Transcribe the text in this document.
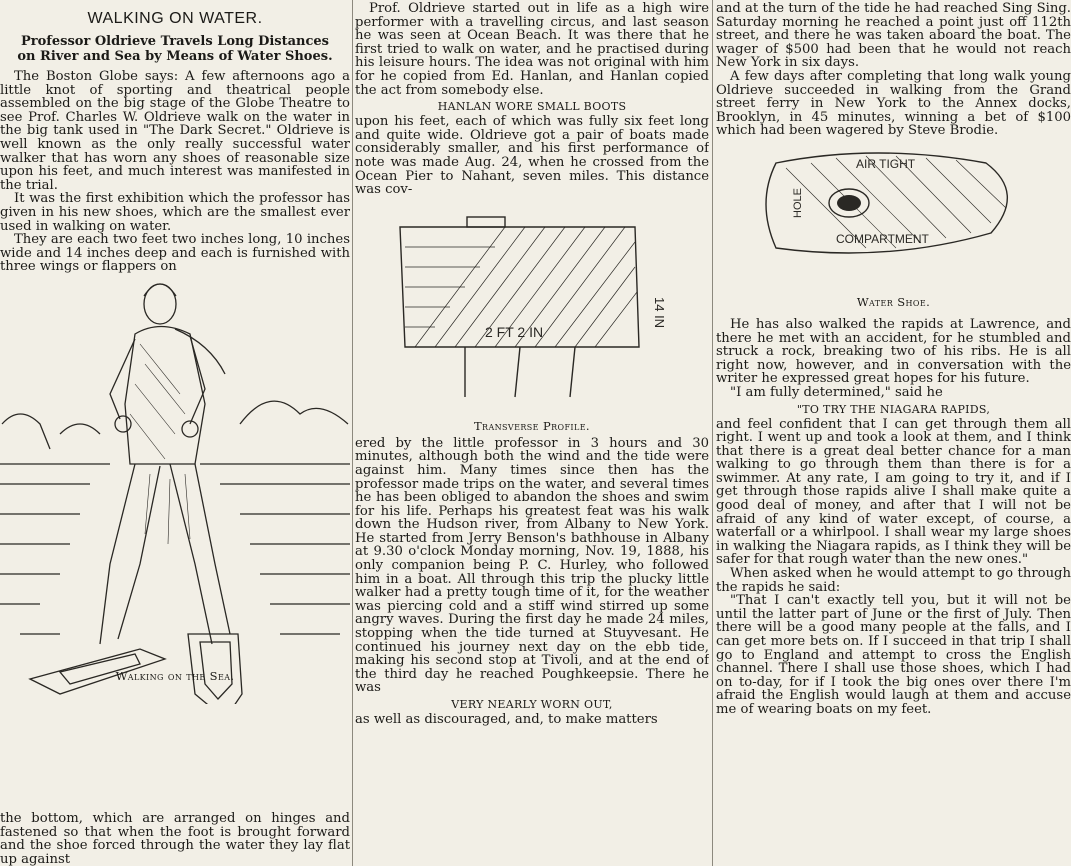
WALKING ON WATER.
Professor Oldrieve Travels Long Distances on River and Sea by Means of Water Shoes.

The Boston Globe says: A few afternoons ago a little knot of sporting and theatrical people assembled on the big stage of the Globe Theatre to see Prof. Charles W. Oldrieve walk on the water in the big tank used in "The Dark Secret." Oldrieve is well known as the only really successful water walker that has worn any shoes of reasonable size upon his feet, and much interest was manifested in the trial.

It was the first exhibition which the professor has given in his new shoes, which are the smallest ever used in walking on water.

They are each two feet two inches long, 10 inches wide and 14 inches deep and each is furnished with three wings or flappers on

Walking on the Sea.

the bottom, which are arranged on hinges and fastened so that when the foot is brought forward and the shoe forced through the water they lay flat up against

Prof. Oldrieve started out in life as a high wire performer with a travelling circus, and last season he was seen at Ocean Beach. It was there that he first tried to walk on water, and he practised during his leisure hours. The idea was not original with him for he copied from Ed. Hanlan, and Hanlan copied the act from somebody else.

HANLAN WORE SMALL BOOTS

upon his feet, each of which was fully six feet long and quite wide. Oldrieve got a pair of boats made considerably smaller, and his first performance of note was made Aug. 24, when he crossed from the Ocean Pier to Nahant, seven miles. This distance was cov-

14 IN
2 FT 2 IN
Transverse Profile.

ered by the little professor in 3 hours and 30 minutes, although both the wind and the tide were against him. Many times since then has the professor made trips on the water, and several times he has been obliged to abandon the shoes and swim for his life. Perhaps his greatest feat was his walk down the Hudson river, from Albany to New York. He started from Jerry Benson's bathhouse in Albany at 9.30 o'clock Monday morning, Nov. 19, 1888, his only companion being P. C. Hurley, who followed him in a boat. All through this trip the plucky little walker had a pretty tough time of it, for the weather was piercing cold and a stiff wind stirred up some angry waves. During the first day he made 24 miles, stopping when the tide turned at Stuyvesant. He continued his journey next day on the ebb tide, making his second stop at Tivoli, and at the end of the third day he reached Poughkeepsie. There he was

VERY NEARLY WORN OUT,

as well as discouraged, and, to make matters

and at the turn of the tide he had reached Sing Sing. Saturday morning he reached a point just off 112th street, and there he was taken aboard the boat. The wager of $500 had been that he would not reach New York in six days.

A few days after completing that long walk young Oldrieve succeeded in walking from the Grand street ferry in New York to the Annex docks, Brooklyn, in 45 minutes, winning a bet of $100 which had been wagered by Steve Brodie.

AIR TIGHT
HOLE
COMPARTMENT
Water Shoe.

He has also walked the rapids at Lawrence, and there he met with an accident, for he stumbled and struck a rock, breaking two of his ribs. He is all right now, however, and in conversation with the writer he expressed great hopes for his future.

"I am fully determined," said he

"TO TRY THE NIAGARA RAPIDS,

and feel confident that I can get through them all right. I went up and took a look at them, and I think that there is a great deal better chance for a man walking to go through them than there is for a swimmer. At any rate, I am going to try it, and if I get through those rapids alive I shall make quite a good deal of money, and after that I will not be afraid of any kind of water except, of course, a waterfall or a whirlpool. I shall wear my large shoes in walking the Niagara rapids, as I think they will be safer for that rough water than the new ones."

When asked when he would attempt to go through the rapids he said:

"That I can't exactly tell you, but it will not be until the latter part of June or the first of July. Then there will be a good many people at the falls, and I can get more bets on. If I succeed in that trip I shall go to England and attempt to cross the English channel. There I shall use those shoes, which I had on to-day, for if I took the big ones over there I'm afraid the English would laugh at them and accuse me of wearing boats on my feet.
